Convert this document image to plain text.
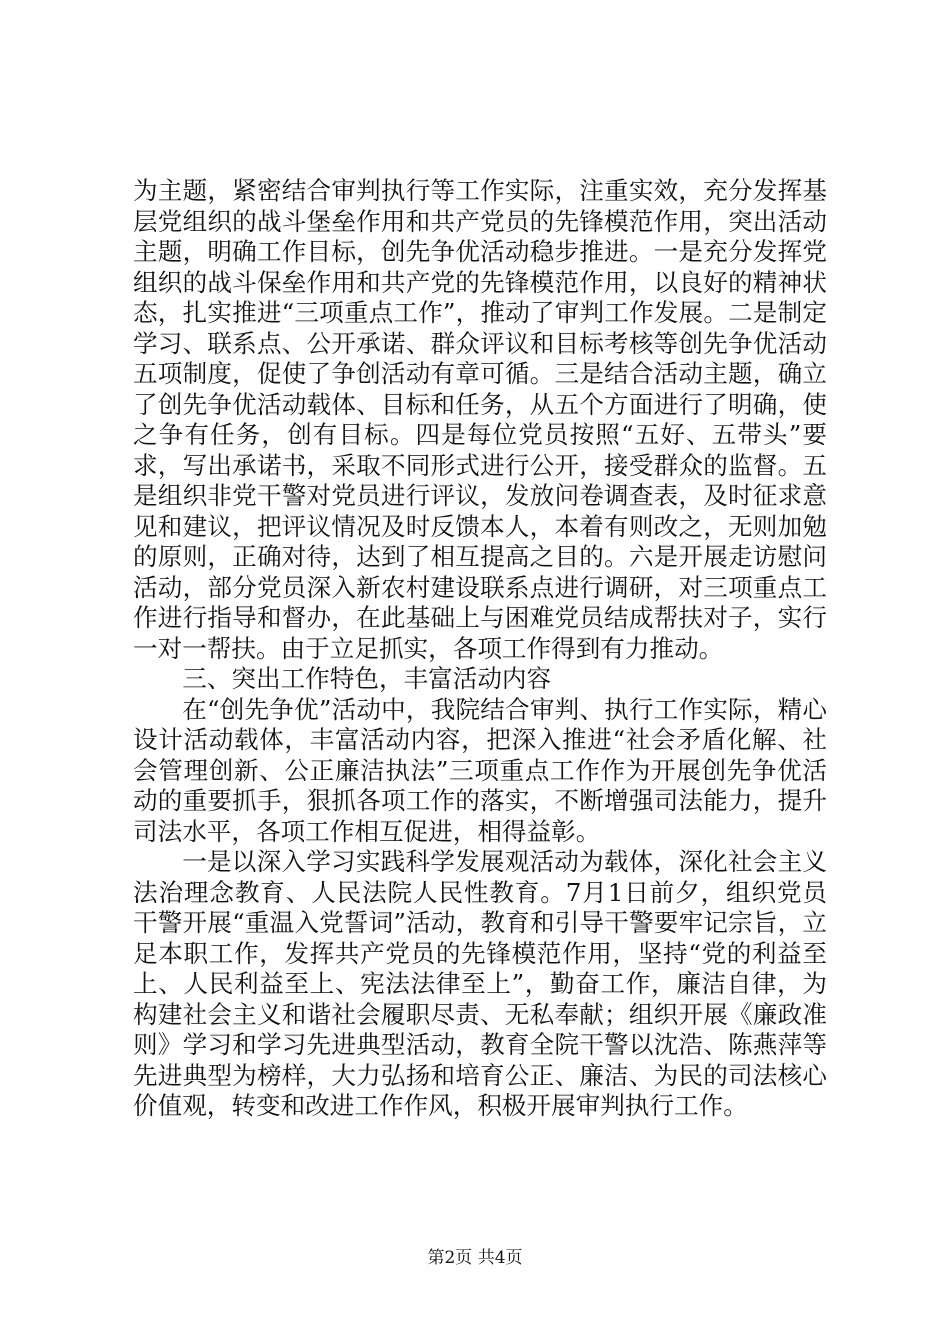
为主题，紧密结合审判执行等工作实际，注重实效，充分发挥基层党组织的战斗堡垒作用和共产党员的先锋模范作用，突出活动主题，明确工作目标，创先争优活动稳步推进。一是充分发挥党组织的战斗保垒作用和共产党的先锋模范作用，以良好的精神状态，扎实推进“三项重点工作”，推动了审判工作发展。二是制定学习、联系点、公开承诺、群众评议和目标考核等创先争优活动五项制度，促使了争创活动有章可循。三是结合活动主题，确立了创先争优活动载体、目标和任务，从五个方面进行了明确，使之争有任务，创有目标。四是每位党员按照“五好、五带头”要求，写出承诺书，采取不同形式进行公开，接受群众的监督。五是组织非党干警对党员进行评议，发放问卷调查表，及时征求意见和建议，把评议情况及时反馈本人，本着有则改之，无则加勉的原则，正确对待，达到了相互提高之目的。六是开展走访慰问活动，部分党员深入新农村建设联系点进行调研，对三项重点工作进行指导和督办，在此基础上与困难党员结成帮扶对子，实行一对一帮扶。由于立足抓实，各项工作得到有力推动。

三、突出工作特色，丰富活动内容

在“创先争优”活动中，我院结合审判、执行工作实际，精心设计活动载体，丰富活动内容，把深入推进“社会矛盾化解、社会管理创新、公正廉洁执法”三项重点工作作为开展创先争优活动的重要抓手，狠抓各项工作的落实，不断增强司法能力，提升司法水平，各项工作相互促进，相得益彰。

一是以深入学习实践科学发展观活动为载体，深化社会主义法治理念教育、人民法院人民性教育。7月1日前夕，组织党员干警开展“重温入党誓词”活动，教育和引导干警要牢记宗旨，立足本职工作，发挥共产党员的先锋模范作用，坚持“党的利益至上、人民利益至上、宪法法律至上”，勤奋工作，廉洁自律，为构建社会主义和谐社会履职尽责、无私奉献；组织开展《廉政准则》学习和学习先进典型活动，教育全院干警以沈浩、陈燕萍等先进典型为榜样，大力弘扬和培育公正、廉洁、为民的司法核心价值观，转变和改进工作作风，积极开展审判执行工作。

第2页 共4页
